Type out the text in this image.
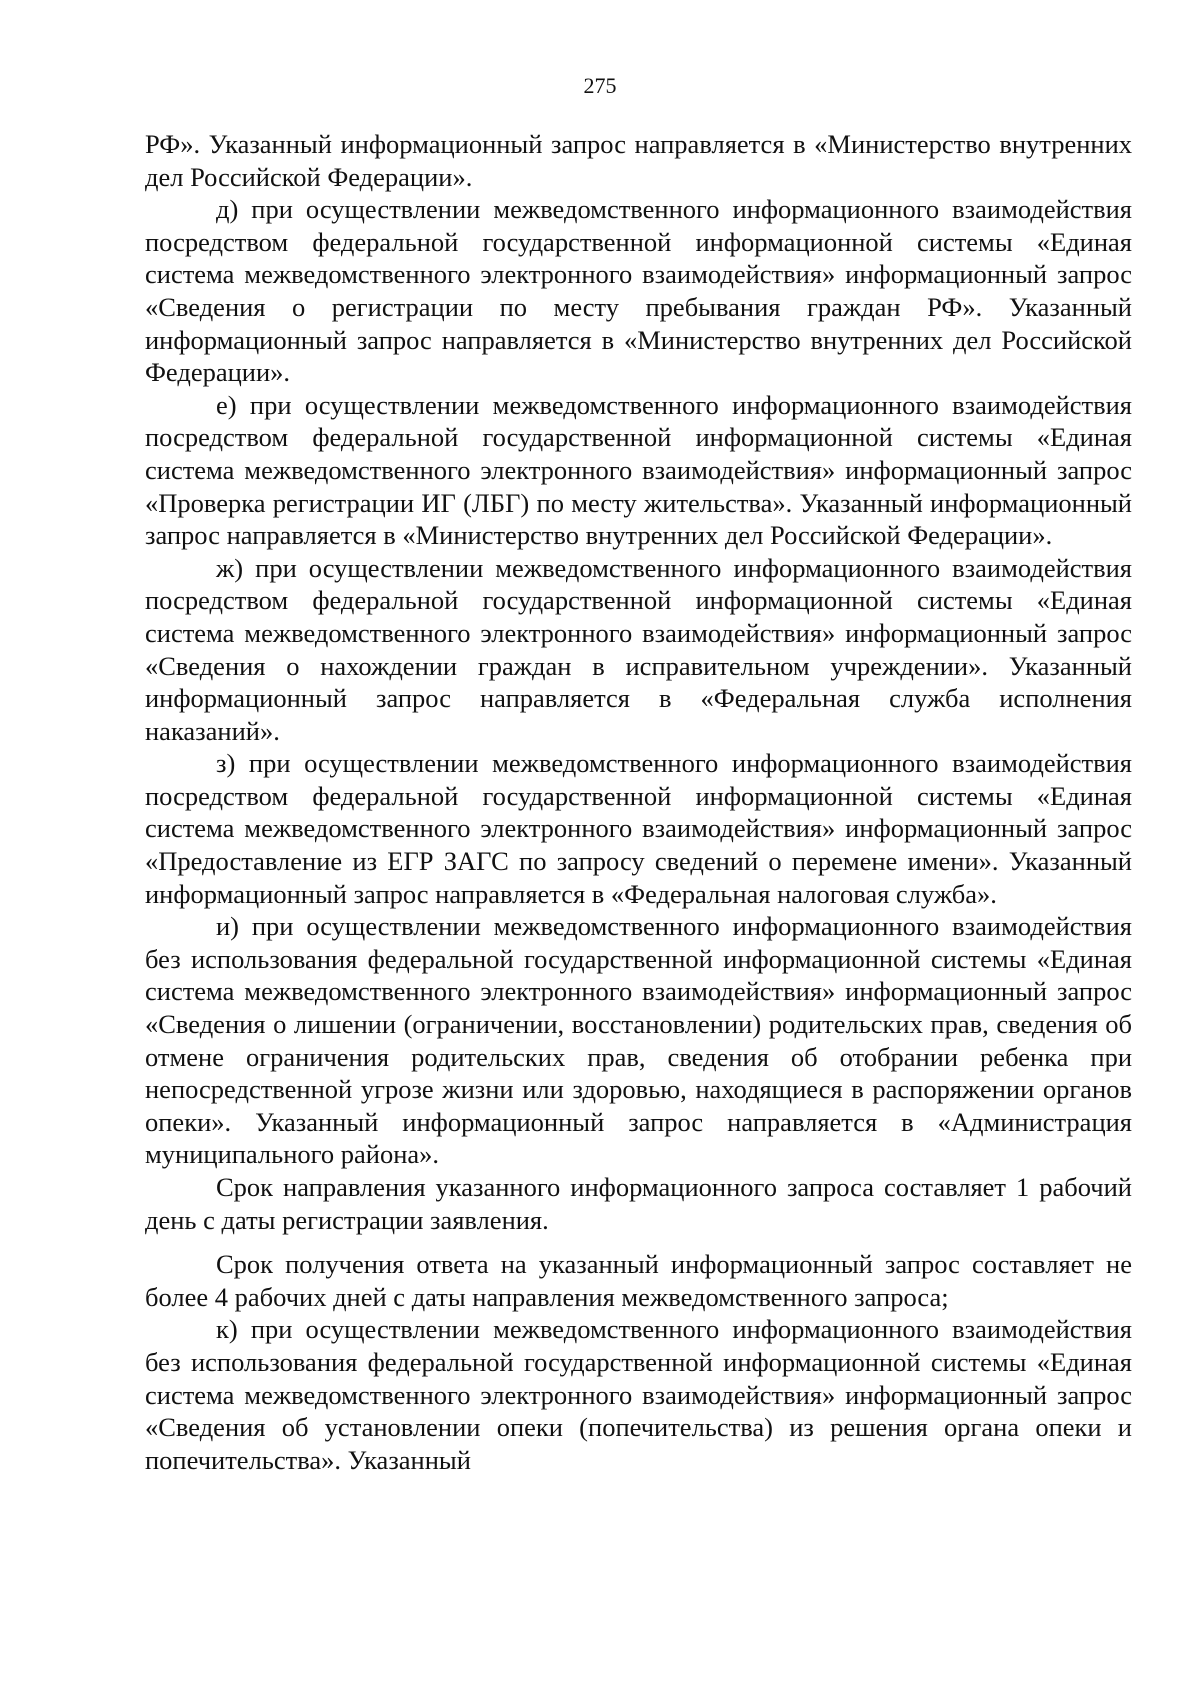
275

РФ». Указанный информационный запрос направляется в «Министерство внутренних дел Российской Федерации».

д) при осуществлении межведомственного информационного взаимодействия посредством федеральной государственной информационной системы «Единая система межведомственного электронного взаимодействия» информационный запрос «Сведения о регистрации по месту пребывания граждан РФ». Указанный информационный запрос направляется в «Министерство внутренних дел Российской Федерации».

е) при осуществлении межведомственного информационного взаимодействия посредством федеральной государственной информационной системы «Единая система межведомственного электронного взаимодействия» информационный запрос «Проверка регистрации ИГ (ЛБГ) по месту жительства». Указанный информационный запрос направляется в «Министерство внутренних дел Российской Федерации».

ж) при осуществлении межведомственного информационного взаимодействия посредством федеральной государственной информационной системы «Единая система межведомственного электронного взаимодействия» информационный запрос «Сведения о нахождении граждан в исправительном учреждении». Указанный информационный запрос направляется в «Федеральная служба исполнения наказаний».

з) при осуществлении межведомственного информационного взаимодействия посредством федеральной государственной информационной системы «Единая система межведомственного электронного взаимодействия» информационный запрос «Предоставление из ЕГР ЗАГС по запросу сведений о перемене имени». Указанный информационный запрос направляется в «Федеральная налоговая служба».

и) при осуществлении межведомственного информационного взаимодействия без использования федеральной государственной информационной системы «Единая система межведомственного электронного взаимодействия» информационный запрос «Сведения о лишении (ограничении, восстановлении) родительских прав, сведения об отмене ограничения родительских прав, сведения об отобрании ребенка при непосредственной угрозе жизни или здоровью, находящиеся в распоряжении органов опеки». Указанный информационный запрос направляется в «Администрация муниципального района».

Срок направления указанного информационного запроса составляет 1 рабочий день с даты регистрации заявления.

Срок получения ответа на указанный информационный запрос составляет не более 4 рабочих дней с даты направления межведомственного запроса;

к) при осуществлении межведомственного информационного взаимодействия без использования федеральной государственной информационной системы «Единая система межведомственного электронного взаимодействия» информационный запрос «Сведения об установлении опеки (попечительства) из решения органа опеки и попечительства». Указанный
